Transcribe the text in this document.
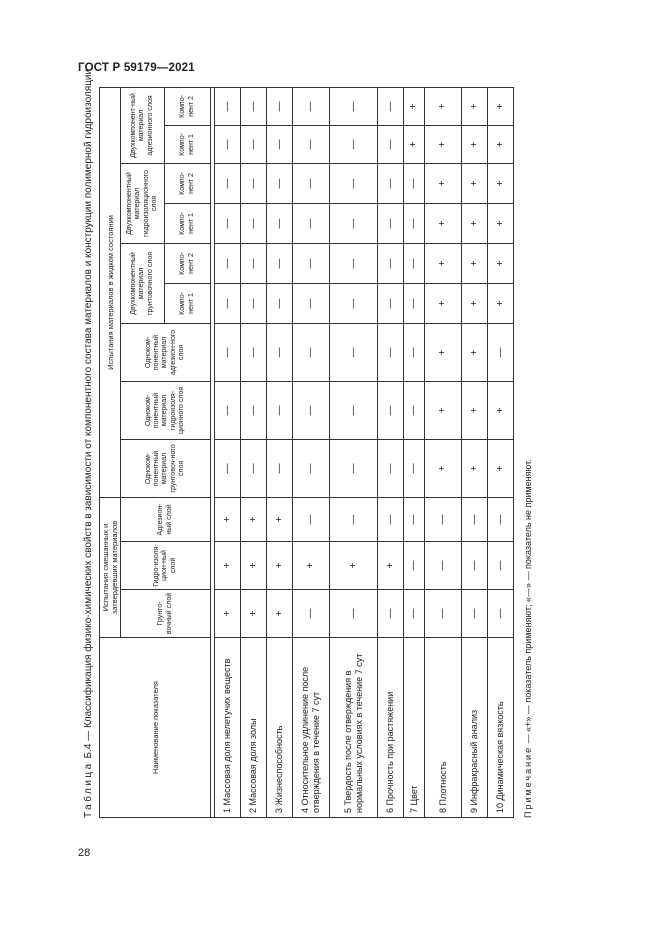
ГОСТ Р 59179—2021
28
Таблица Б.4 — Классификация физико-химических свойств в зависимости от компонентного состава материалов и конструкции полимерной гидроизоляции	Наименование показателя	Испытания смешанных и затвердевших материалов			Испытания материалов в жидком состоянии								
	Грунто-вочный слой	Гидро-изоля-цион-ный слой	Адгезион-ный слой	Одноком-понентный материал грунтовоч-ного слоя	Одноком-понентный материал гидроизоля-ционного слоя	Одноком-понентный материал адгезион-ного слоя	Двухкомпонентный материал грунтовочного слоя		Двухкомпонентный материал гидроизоляционного слоя		Двухкомпонент-ный материал адгезионного слоя	
							Компо-нент 1	Компо-нент 2	Компо-нент 1	Компо-нент 2	Компо-нент 1	Компо-нент 2

1 Массовая доля нелетучих веществ	+	+	+	—	—	—	—	—	—	—	—	—
2 Массовая доля золы	+	+	+	—	—	—	—	—	—	—	—	—
3 Жизнеспособность	+	+	+	—	—	—	—	—	—	—	—	—
4 Относительное удлинение после отверждения в течение 7 сут	—	+	—	—	—	—	—	—	—	—	—	—
5 Твердость после отверждения в нормальных условиях в течение 7 сут	—	+	—	—	—	—	—	—	—	—	—	—
6 Прочность при растяжении	—	+	—	—	—	—	—	—	—	—	—	—
7 Цвет	—	—	—	—	—	—	—	—	—	—	+	+
8 Плотность	—	—	—	+	+	+	+	+	+	+	+	+
9 Инфракрасный анализ	—	—	—	+	+	+	+	+	+	+	+	+
10 Динамическая вязкость	—	—	—	+	+	—	+	+	+	+	+	+
Примечание — «+» — показатель применяют; «—» — показатель не применяют.
